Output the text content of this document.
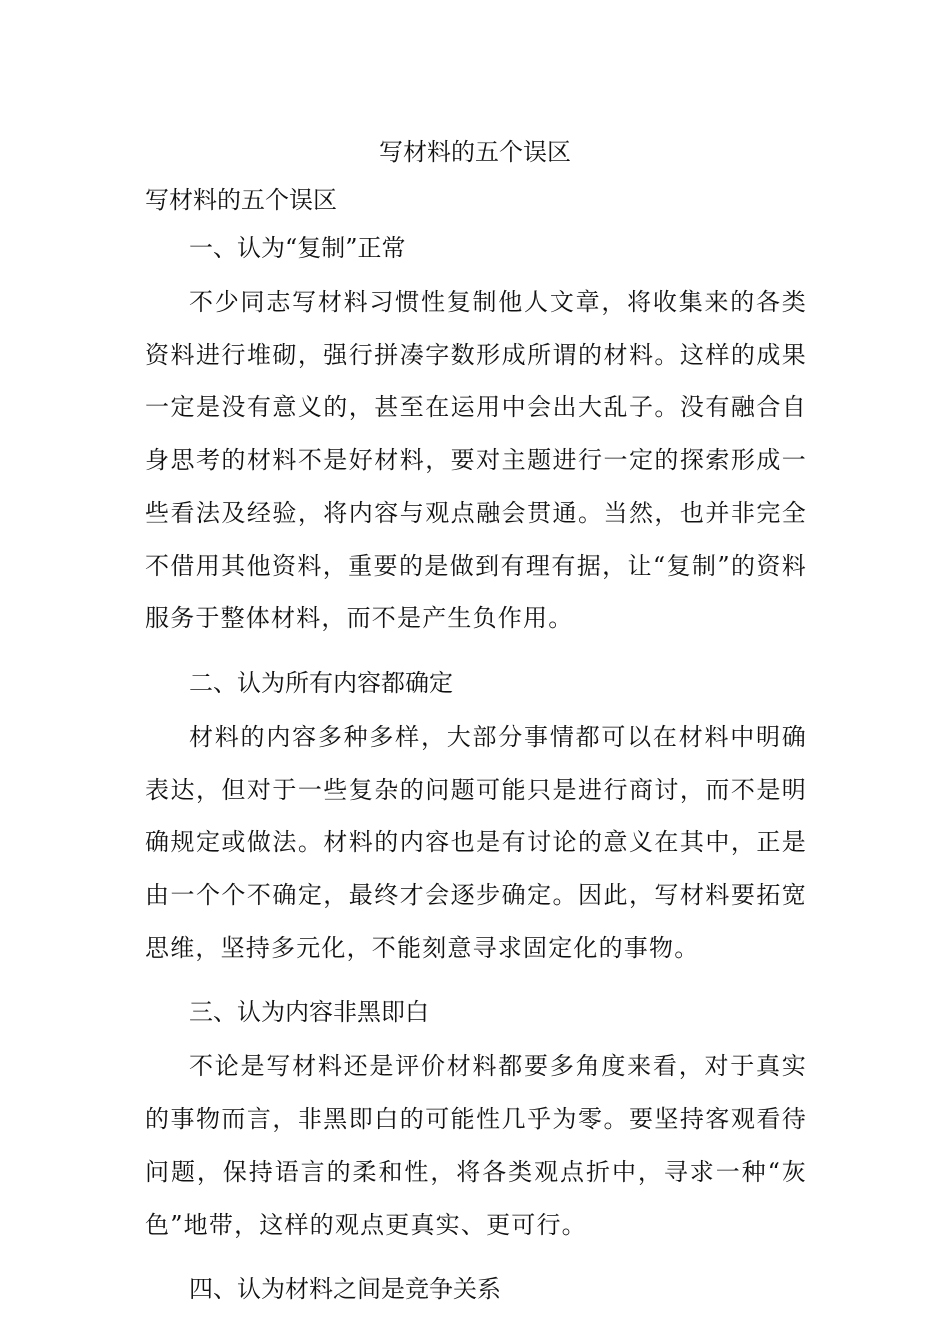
写材料的五个误区

写材料的五个误区

一、认为“复制”正常

不少同志写材料习惯性复制他人文章，将收集来的各类资料进行堆砌，强行拼凑字数形成所谓的材料。这样的成果一定是没有意义的，甚至在运用中会出大乱子。没有融合自身思考的材料不是好材料，要对主题进行一定的探索形成一些看法及经验，将内容与观点融会贯通。当然，也并非完全不借用其他资料，重要的是做到有理有据，让“复制”的资料服务于整体材料，而不是产生负作用。

二、认为所有内容都确定

材料的内容多种多样，大部分事情都可以在材料中明确表达，但对于一些复杂的问题可能只是进行商讨，而不是明确规定或做法。材料的内容也是有讨论的意义在其中，正是由一个个不确定，最终才会逐步确定。因此，写材料要拓宽思维，坚持多元化，不能刻意寻求固定化的事物。

三、认为内容非黑即白

不论是写材料还是评价材料都要多角度来看，对于真实的事物而言，非黑即白的可能性几乎为零。要坚持客观看待问题，保持语言的柔和性，将各类观点折中，寻求一种“灰色”地带，这样的观点更真实、更可行。

四、认为材料之间是竞争关系
